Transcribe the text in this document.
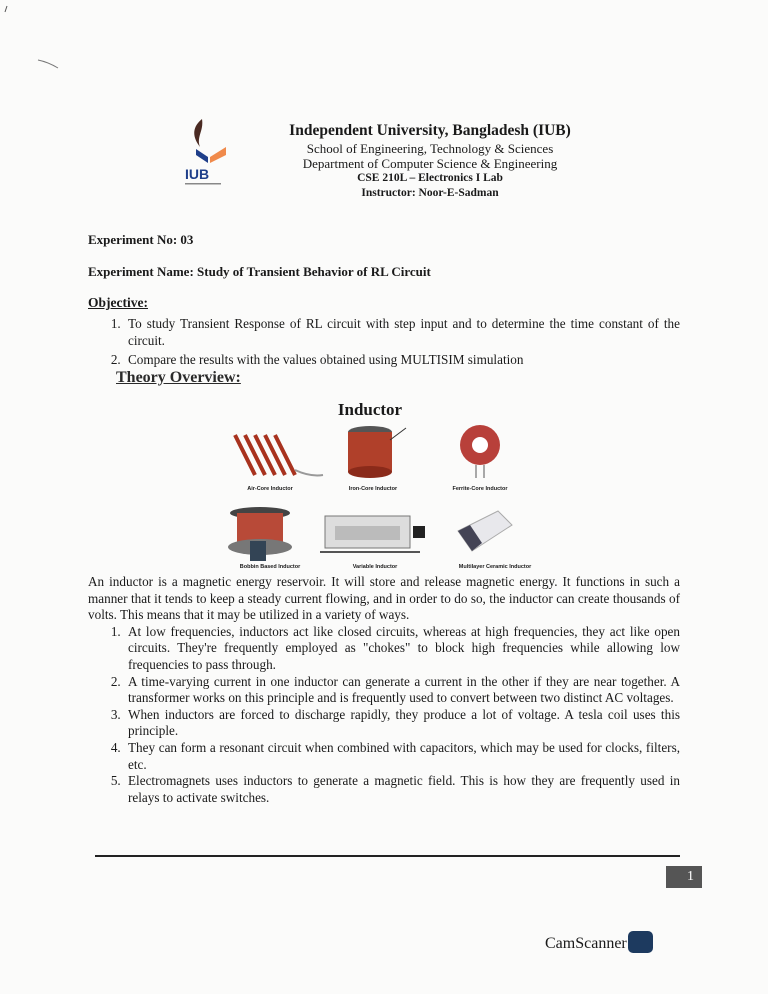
IUB
Independent University, Bangladesh (IUB)
School of Engineering, Technology & Sciences
Department of Computer Science & Engineering
CSE 210L – Electronics I Lab
Instructor: Noor-E-Sadman
Experiment No: 03
Experiment Name: Study of Transient Behavior of RL Circuit
Objective:
1. To study Transient Response of RL circuit with step input and to determine the time constant of the circuit.
2. Compare the results with the values obtained using MULTISIM simulation
Theory Overview:
Inductor
Air-Core Inductor	Iron-Core Inductor	Ferrite-Core Inductor
Bobbin Based Inductor	Variable Inductor	Multilayer Ceramic Inductor
An inductor is a magnetic energy reservoir. It will store and release magnetic energy. It functions in such a manner that it tends to keep a steady current flowing, and in order to do so, the inductor can create thousands of volts. This means that it may be utilized in a variety of ways.
1. At low frequencies, inductors act like closed circuits, whereas at high frequencies, they act like open circuits. They're frequently employed as "chokes" to block high frequencies while allowing low frequencies to pass through.
2. A time-varying current in one inductor can generate a current in the other if they are near together. A transformer works on this principle and is frequently used to convert between two distinct AC voltages.
3. When inductors are forced to discharge rapidly, they produce a lot of voltage. A tesla coil uses this principle.
4. They can form a resonant circuit when combined with capacitors, which may be used for clocks, filters, etc.
5. Electromagnets uses inductors to generate a magnetic field. This is how they are frequently used in relays to activate switches.
1
CamScanner
